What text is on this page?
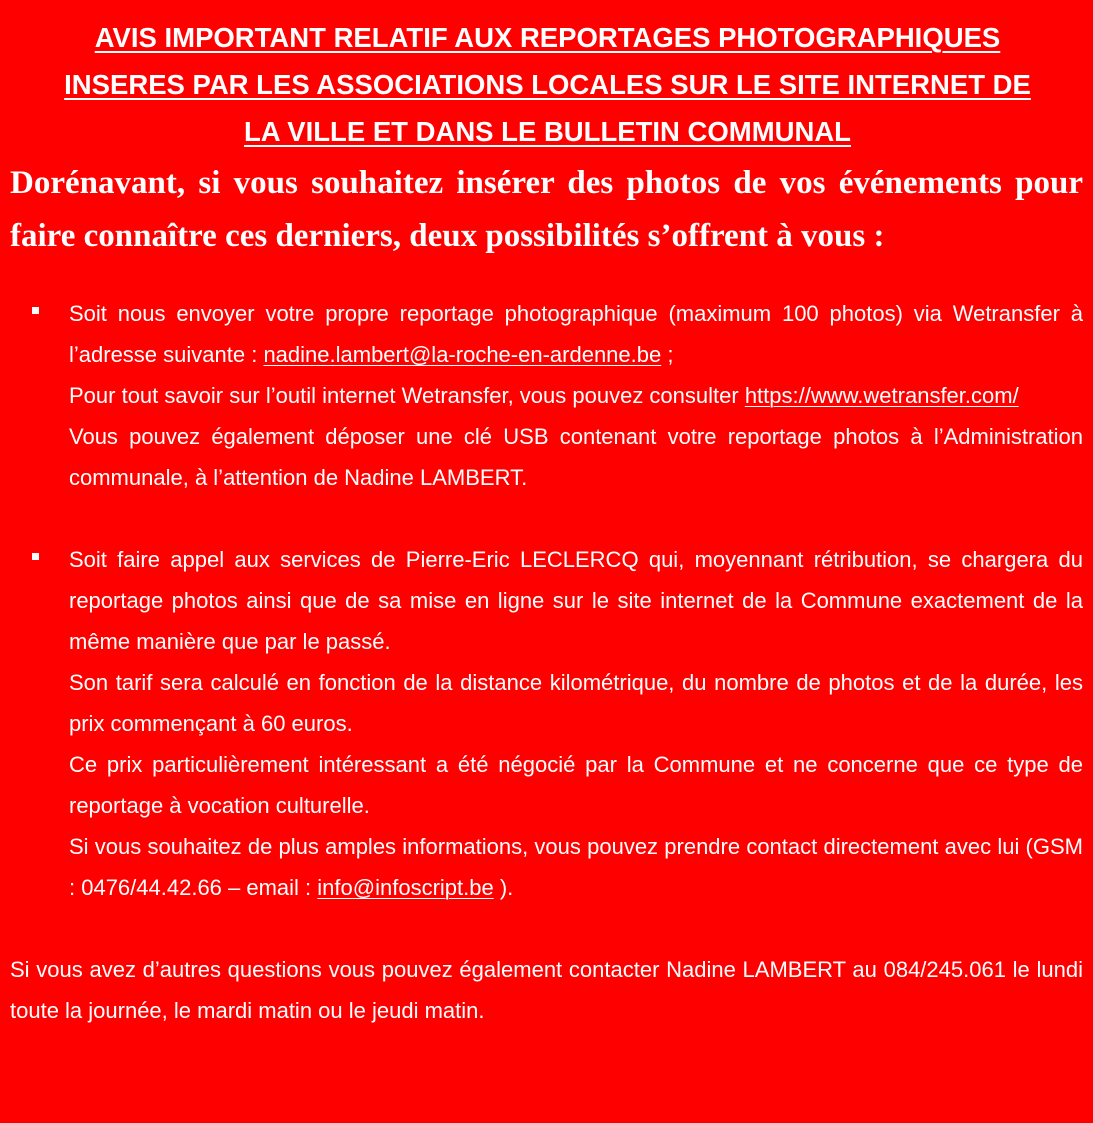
AVIS IMPORTANT RELATIF AUX REPORTAGES PHOTOGRAPHIQUES
INSERES PAR LES ASSOCIATIONS LOCALES SUR LE SITE INTERNET DE
LA VILLE ET DANS LE BULLETIN COMMUNAL

Dorénavant, si vous souhaitez insérer des photos de vos événements pour faire connaître ces derniers, deux possibilités s’offrent à vous :

Soit nous envoyer votre propre reportage photographique (maximum 100 photos) via Wetransfer à l’adresse suivante : nadine.lambert@la-roche-en-ardenne.be ;

Pour tout savoir sur l’outil internet Wetransfer, vous pouvez consulter https://www.wetransfer.com/

Vous pouvez également déposer une clé USB contenant votre reportage photos à l’Administration communale, à l’attention de Nadine LAMBERT.

Soit faire appel aux services de Pierre-Eric LECLERCQ qui, moyennant rétribution, se chargera du reportage photos ainsi que de sa mise en ligne sur le site internet de la Commune exactement de la même manière que par le passé.

Son tarif sera calculé en fonction de la distance kilométrique, du nombre de photos et de la durée, les prix commençant à 60 euros.

Ce prix particulièrement intéressant a été négocié par la Commune et ne concerne que ce type de reportage à vocation culturelle.

Si vous souhaitez de plus amples informations, vous pouvez prendre contact directement avec lui (GSM : 0476/44.42.66 – email : info@infoscript.be ).

Si vous avez d’autres questions vous pouvez également contacter Nadine LAMBERT au 084/245.061 le lundi toute la journée, le mardi matin ou le jeudi matin.
